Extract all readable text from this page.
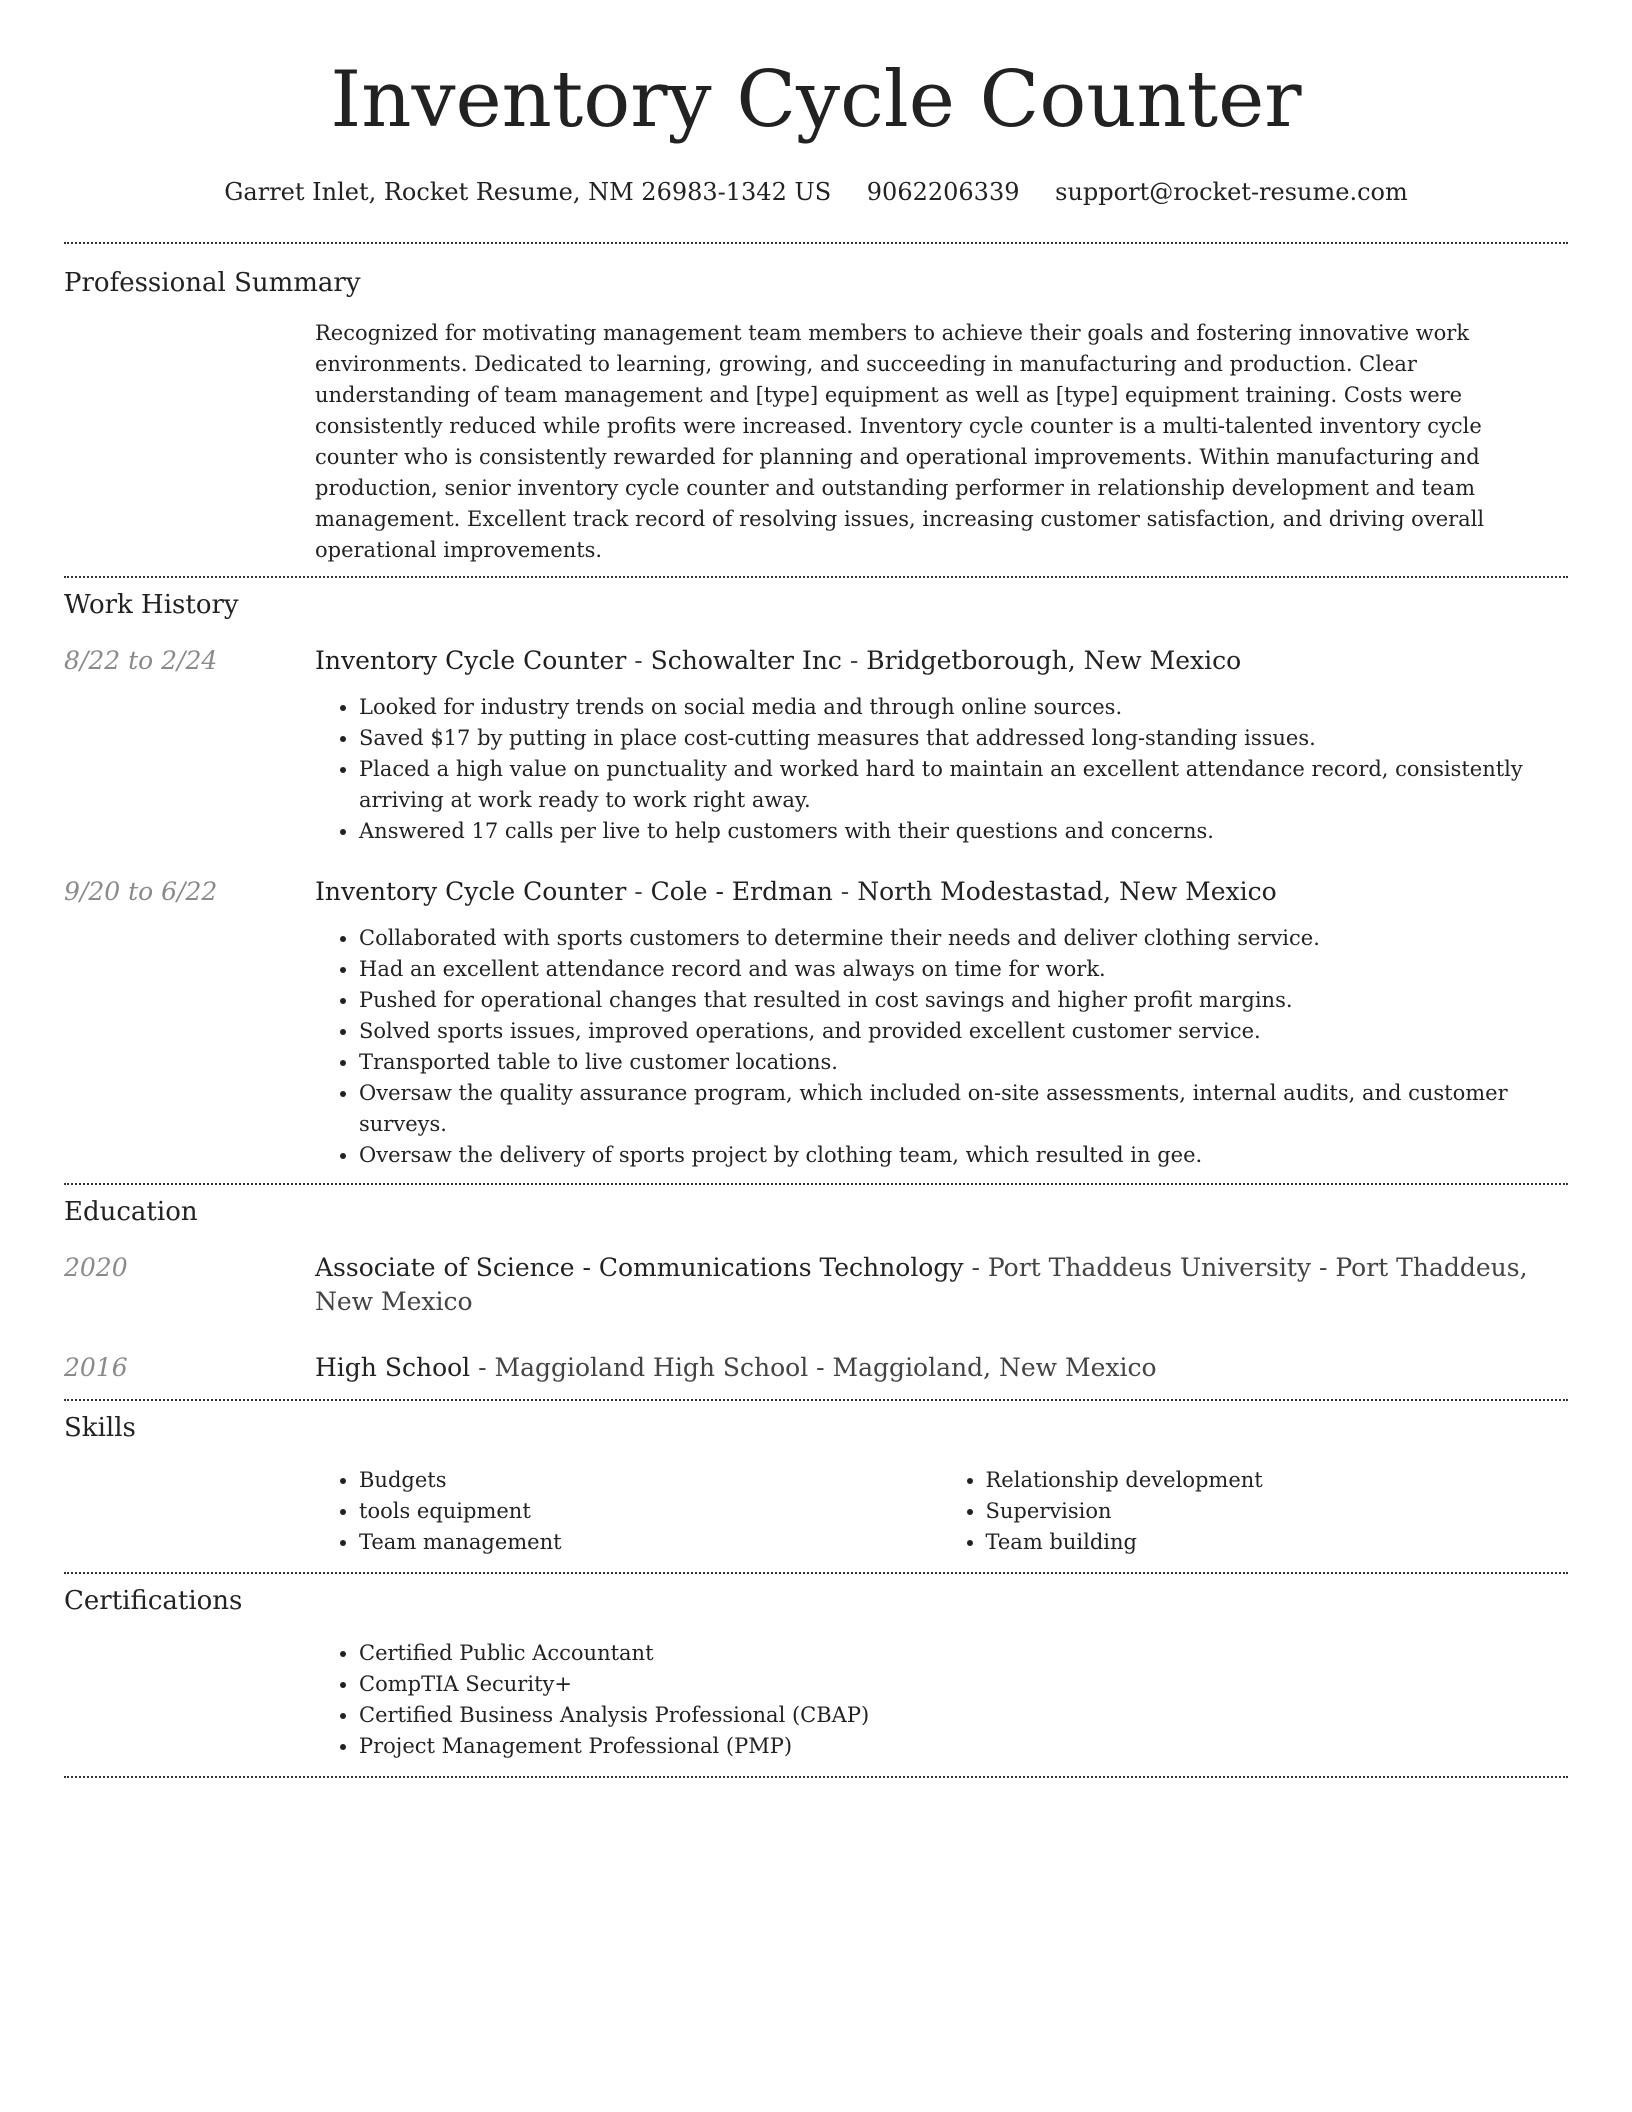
Inventory Cycle Counter
Garret Inlet, Rocket Resume, NM 26983-1342 US 9062206339 support@rocket-resume.com
Professional Summary
Recognized for motivating management team members to achieve their goals and fostering innovative work environments. Dedicated to learning, growing, and succeeding in manufacturing and production. Clear understanding of team management and [type] equipment as well as [type] equipment training. Costs were consistently reduced while profits were increased. Inventory cycle counter is a multi-talented inventory cycle counter who is consistently rewarded for planning and operational improvements. Within manufacturing and production, senior inventory cycle counter and outstanding performer in relationship development and team management. Excellent track record of resolving issues, increasing customer satisfaction, and driving overall operational improvements.
Work History
8/22 to 2/24	Inventory Cycle Counter - Schowalter Inc - Bridgetborough, New Mexico
• Looked for industry trends on social media and through online sources.
• Saved $17 by putting in place cost-cutting measures that addressed long-standing issues.
• Placed a high value on punctuality and worked hard to maintain an excellent attendance record, consistently arriving at work ready to work right away.
• Answered 17 calls per live to help customers with their questions and concerns.
9/20 to 6/22	Inventory Cycle Counter - Cole - Erdman - North Modestastad, New Mexico
• Collaborated with sports customers to determine their needs and deliver clothing service.
• Had an excellent attendance record and was always on time for work.
• Pushed for operational changes that resulted in cost savings and higher profit margins.
• Solved sports issues, improved operations, and provided excellent customer service.
• Transported table to live customer locations.
• Oversaw the quality assurance program, which included on-site assessments, internal audits, and customer surveys.
• Oversaw the delivery of sports project by clothing team, which resulted in gee.
Education
2020	Associate of Science - Communications Technology - Port Thaddeus University - Port Thaddeus, New Mexico
2016	High School - Maggioland High School - Maggioland, New Mexico
Skills
• Budgets
• tools equipment
• Team management
• Relationship development
• Supervision
• Team building
Certifications
• Certified Public Accountant
• CompTIA Security+
• Certified Business Analysis Professional (CBAP)
• Project Management Professional (PMP)
